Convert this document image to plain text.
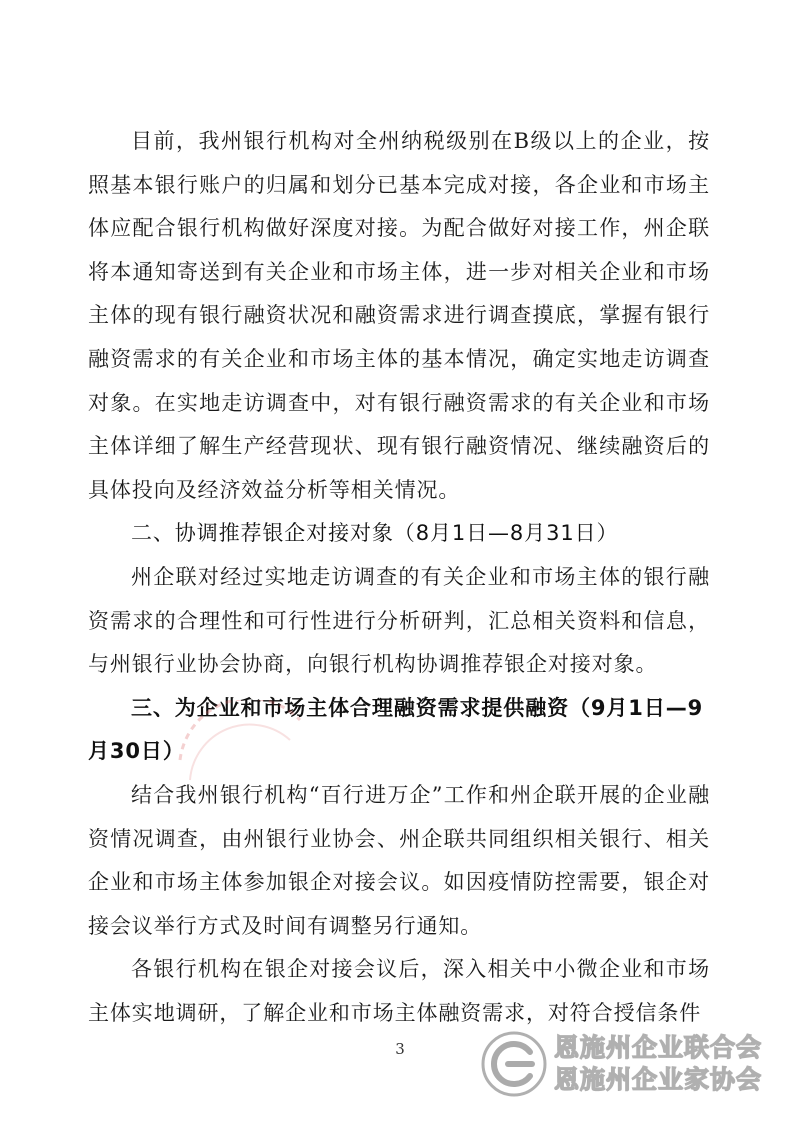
目前，我州银行机构对全州纳税级别在B级以上的企业，按照基本银行账户的归属和划分已基本完成对接，各企业和市场主体应配合银行机构做好深度对接。为配合做好对接工作，州企联将本通知寄送到有关企业和市场主体，进一步对相关企业和市场主体的现有银行融资状况和融资需求进行调查摸底，掌握有银行融资需求的有关企业和市场主体的基本情况，确定实地走访调查对象。在实地走访调查中，对有银行融资需求的有关企业和市场主体详细了解生产经营现状、现有银行融资情况、继续融资后的具体投向及经济效益分析等相关情况。

二、协调推荐银企对接对象（8月1日—8月31日）

州企联对经过实地走访调查的有关企业和市场主体的银行融资需求的合理性和可行性进行分析研判，汇总相关资料和信息，与州银行业协会协商，向银行机构协调推荐银企对接对象。

三、为企业和市场主体合理融资需求提供融资（9月1日—9月30日）

结合我州银行机构“百行进万企”工作和州企联开展的企业融资情况调查，由州银行业协会、州企联共同组织相关银行、相关企业和市场主体参加银企对接会议。如因疫情防控需要，银企对接会议举行方式及时间有调整另行通知。

各银行机构在银企对接会议后，深入相关中小微企业和市场主体实地调研，了解企业和市场主体融资需求，对符合授信条件

3	恩施州企业联合会
恩施州企业家协会
